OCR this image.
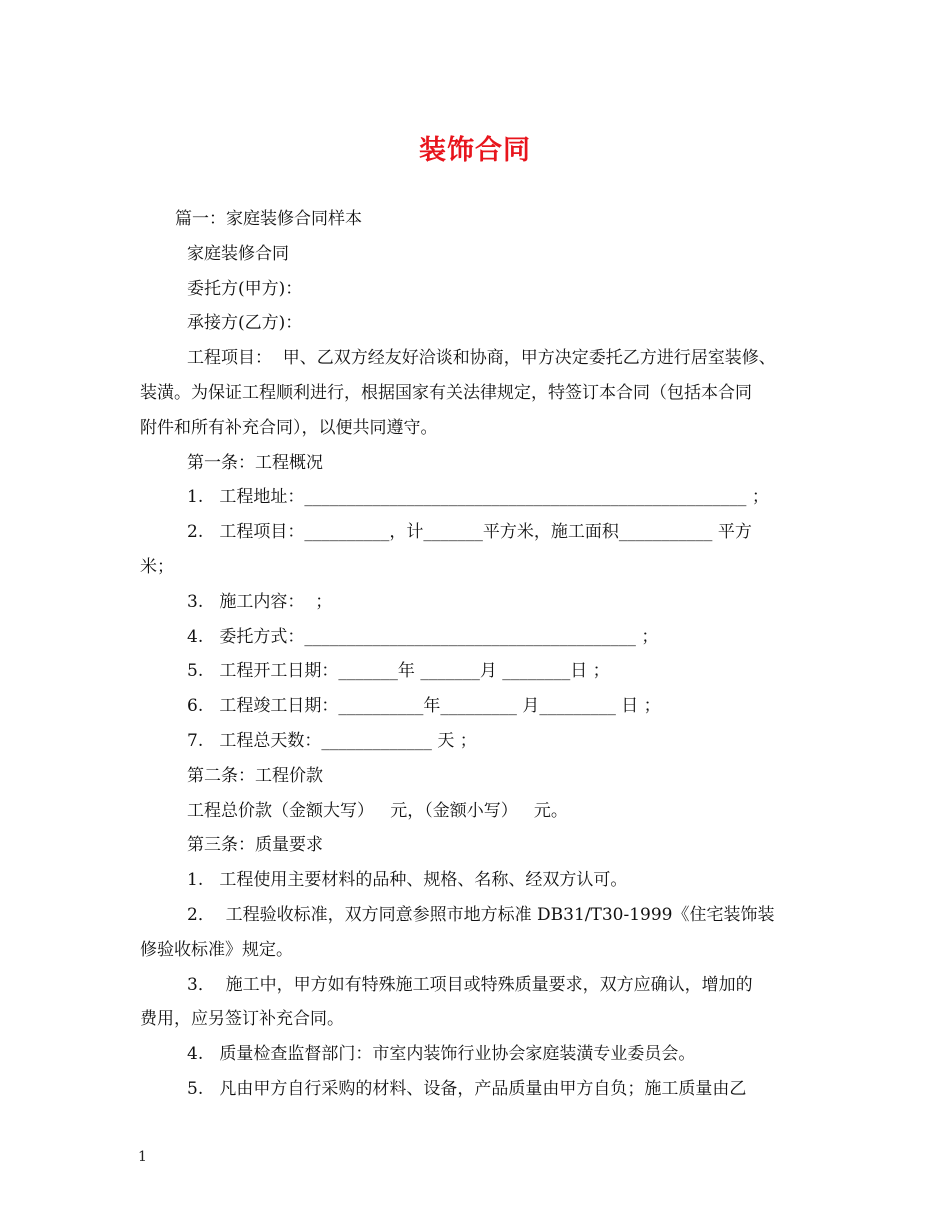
装饰合同
篇一：家庭装修合同样本
家庭装修合同
委托方(甲方)：
承接方(乙方)：
工程项目：  甲、乙双方经友好洽谈和协商，甲方决定委托乙方进行居室装修、
装潢。为保证工程顺利进行，根据国家有关法律规定，特签订本合同（包括本合同
附件和所有补充合同），以便共同遵守。
第一条：工程概况
1.   工程地址：____________________________________________________ ；
2.   工程项目：__________，计_______平方米，施工面积___________ 平方
米；
3.   施工内容：  ；
4.   委托方式：_______________________________________ ；
5.   工程开工日期：_______年 _______月 ________日 ；
6.   工程竣工日期：__________年_________ 月_________ 日 ；
7.   工程总天数：_____________ 天 ；
第二条：工程价款
工程总价款（金额大写）   元，（金额小写）   元。
第三条：质量要求
1.   工程使用主要材料的品种、规格、名称、经双方认可。
2．  工程验收标准，双方同意参照市地方标准 DB31/T30-1999《住宅装饰装
修验收标准》规定。
3．  施工中，甲方如有特殊施工项目或特殊质量要求，双方应确认，增加的
费用，应另签订补充合同。
4.   质量检查监督部门：市室内装饰行业协会家庭装潢专业委员会。
5.   凡由甲方自行采购的材料、设备，产品质量由甲方自负；施工质量由乙
1
